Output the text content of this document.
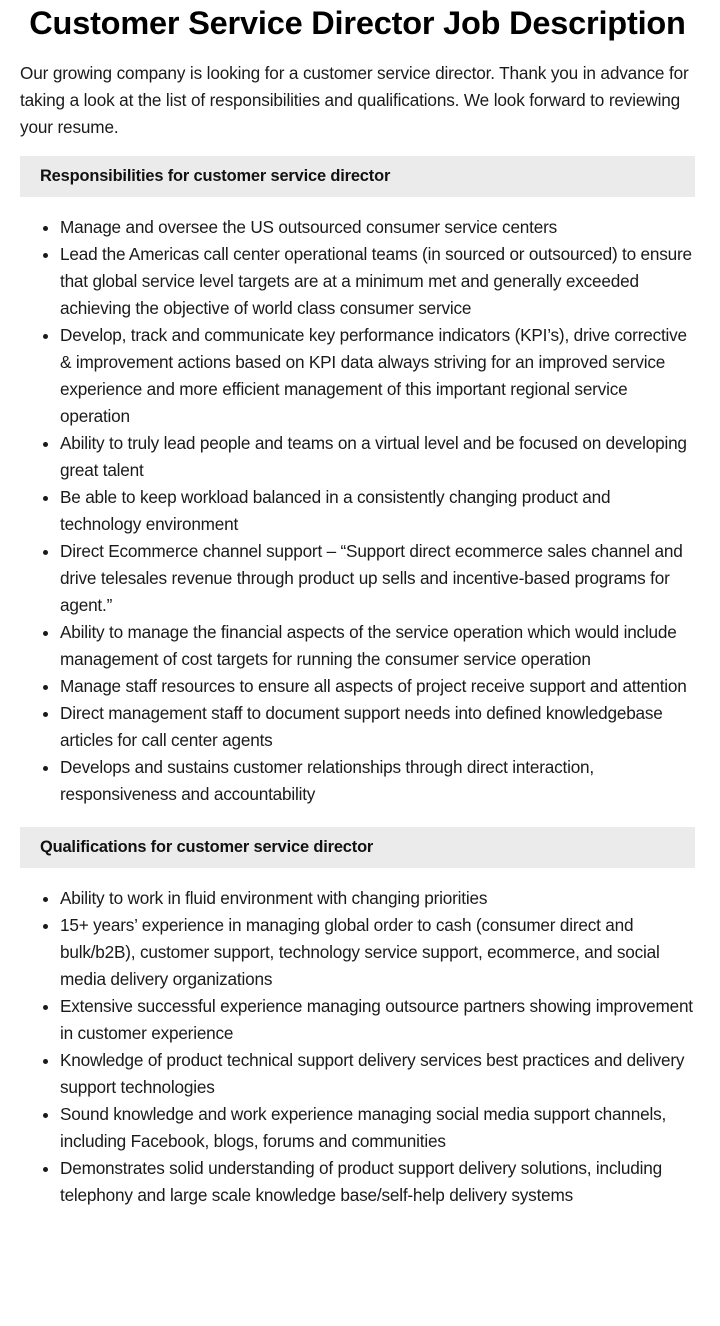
Customer Service Director Job Description

Our growing company is looking for a customer service director. Thank you in advance for taking a look at the list of responsibilities and qualifications. We look forward to reviewing your resume.

Responsibilities for customer service director
Manage and oversee the US outsourced consumer service centers
Lead the Americas call center operational teams (in sourced or outsourced) to ensure that global service level targets are at a minimum met and generally exceeded achieving the objective of world class consumer service
Develop, track and communicate key performance indicators (KPI’s), drive corrective & improvement actions based on KPI data always striving for an improved service experience and more efficient management of this important regional service operation
Ability to truly lead people and teams on a virtual level and be focused on developing great talent
Be able to keep workload balanced in a consistently changing product and technology environment
Direct Ecommerce channel support – “Support direct ecommerce sales channel and drive telesales revenue through product up sells and incentive-based programs for agent.”
Ability to manage the financial aspects of the service operation which would include management of cost targets for running the consumer service operation
Manage staff resources to ensure all aspects of project receive support and attention
Direct management staff to document support needs into defined knowledgebase articles for call center agents
Develops and sustains customer relationships through direct interaction, responsiveness and accountability
Qualifications for customer service director
Ability to work in fluid environment with changing priorities
15+ years’ experience in managing global order to cash (consumer direct and bulk/b2B), customer support, technology service support, ecommerce, and social media delivery organizations
Extensive successful experience managing outsource partners showing improvement in customer experience
Knowledge of product technical support delivery services best practices and delivery support technologies
Sound knowledge and work experience managing social media support channels, including Facebook, blogs, forums and communities
Demonstrates solid understanding of product support delivery solutions, including telephony and large scale knowledge base/self-help delivery systems
